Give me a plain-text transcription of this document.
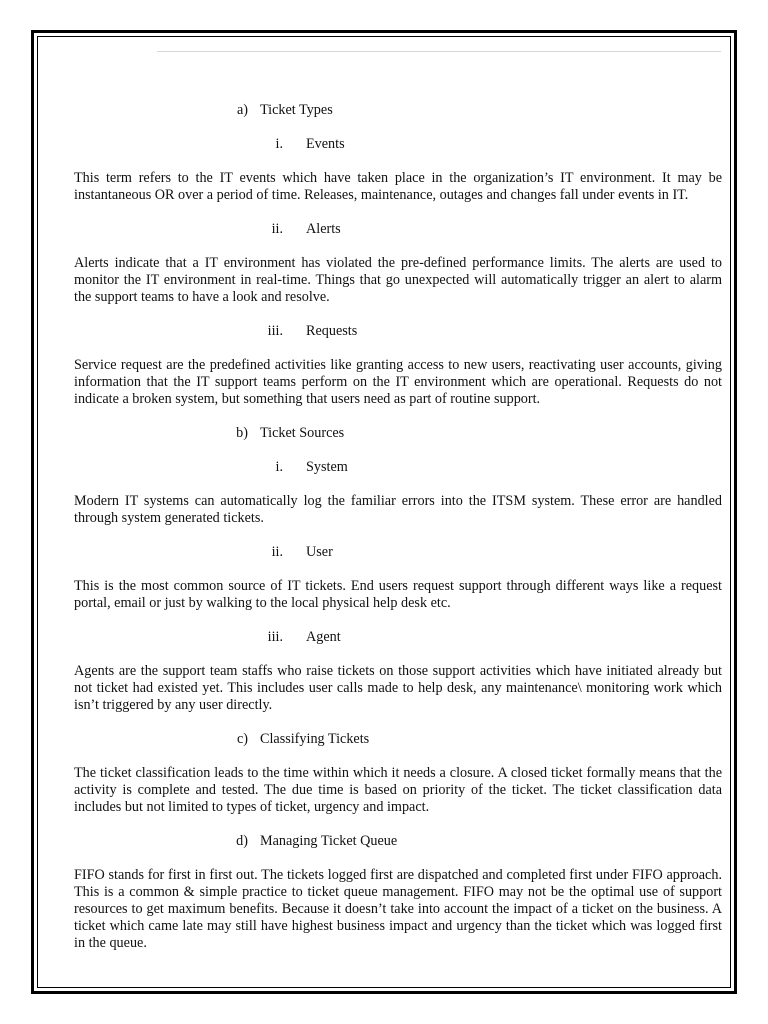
a) Ticket Types
i. Events

This term refers to the IT events which have taken place in the organization’s IT environment. It may be instantaneous OR over a period of time. Releases, maintenance, outages and changes fall under events in IT.

ii. Alerts

Alerts indicate that a IT environment has violated the pre-defined performance limits. The alerts are used to monitor the IT environment in real-time. Things that go unexpected will automatically trigger an alert to alarm the support teams to have a look and resolve.

iii. Requests

Service request are the predefined activities like granting access to new users, reactivating user accounts, giving information that the IT support teams perform on the IT environment which are operational. Requests do not indicate a broken system, but something that users need as part of routine support.

b) Ticket Sources
i. System

Modern IT systems can automatically log the familiar errors into the ITSM system. These error are handled through system generated tickets.

ii. User

This is the most common source of IT tickets. End users request support through different ways like a request portal, email or just by walking to the local physical help desk etc.

iii. Agent

Agents are the support team staffs who raise tickets on those support activities which have initiated already but not ticket had existed yet. This includes user calls made to help desk, any maintenance\ monitoring work which isn’t triggered by any user directly.

c) Classifying Tickets

The ticket classification leads to the time within which it needs a closure. A closed ticket formally means that the activity is complete and tested. The due time is based on priority of the ticket. The ticket classification data includes but not limited to types of ticket, urgency and impact.

d) Managing Ticket Queue

FIFO stands for first in first out. The tickets logged first are dispatched and completed first under FIFO approach. This is a common & simple practice to ticket queue management. FIFO may not be the optimal use of support resources to get maximum benefits. Because it doesn’t take into account the impact of a ticket on the business. A ticket which came late may still have highest business impact and urgency than the ticket which was logged first in the queue.
